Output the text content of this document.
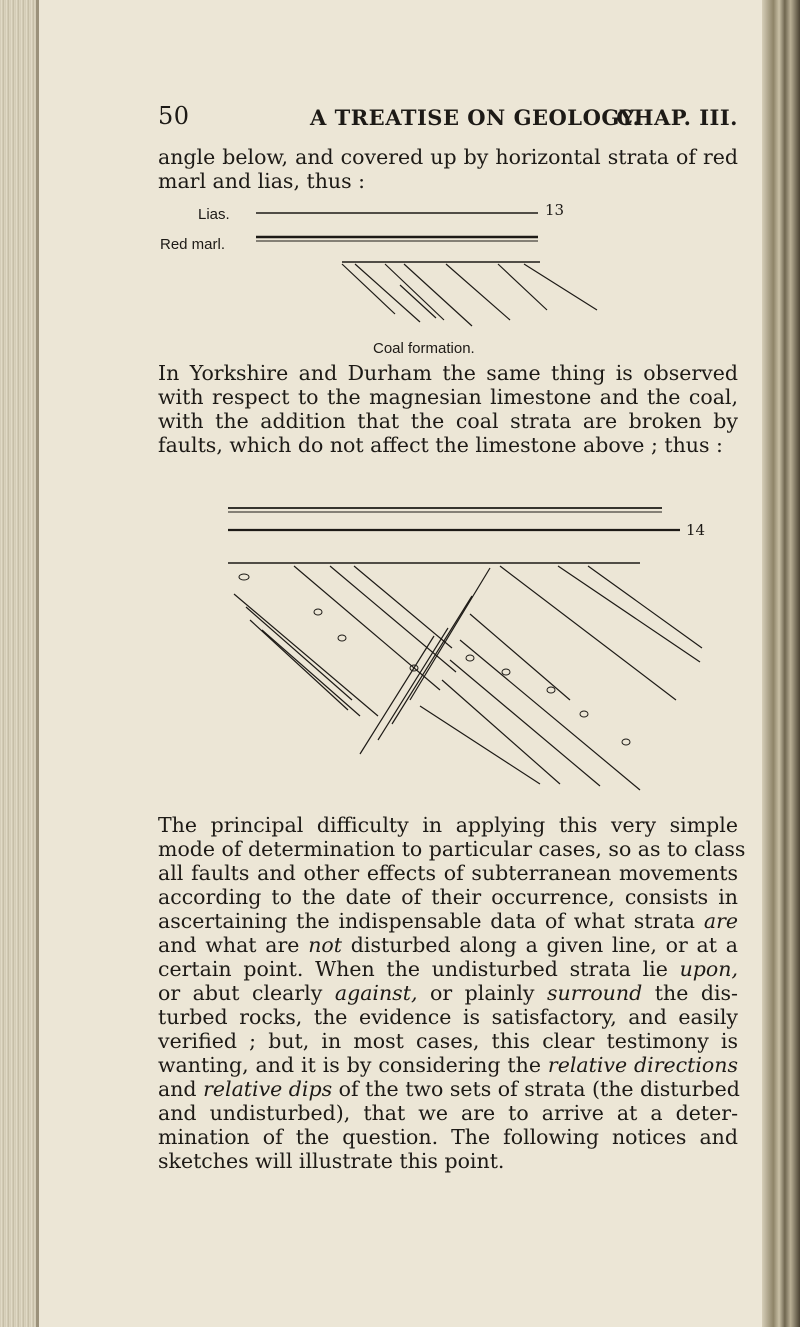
50	A TREATISE ON GEOLOGY.
CHAP. III.

angle below, and covered up by horizontal strata of red
marl and lias, thus :

Lias.
Red marl.
13
Coal formation.

In Yorkshire and Durham the same thing is observed
with respect to the magnesian limestone and the coal,
with the addition that the coal strata are broken by
faults, which do not affect the limestone above ; thus :

14

The principal difficulty in applying this very simple
mode of determination to particular cases, so as to class
all faults and other effects of subterranean movements
according to the date of their occurrence, consists in
ascertaining the indispensable data of what strata are
and what are not disturbed along a given line, or at a
certain point. When the undisturbed strata lie upon,
or abut clearly against, or plainly surround the dis-
turbed rocks, the evidence is satisfactory, and easily
verified ; but, in most cases, this clear testimony is
wanting, and it is by considering the relative directions
and relative dips of the two sets of strata (the disturbed
and undisturbed), that we are to arrive at a deter-
mination of the question. The following notices and
sketches will illustrate this point.
